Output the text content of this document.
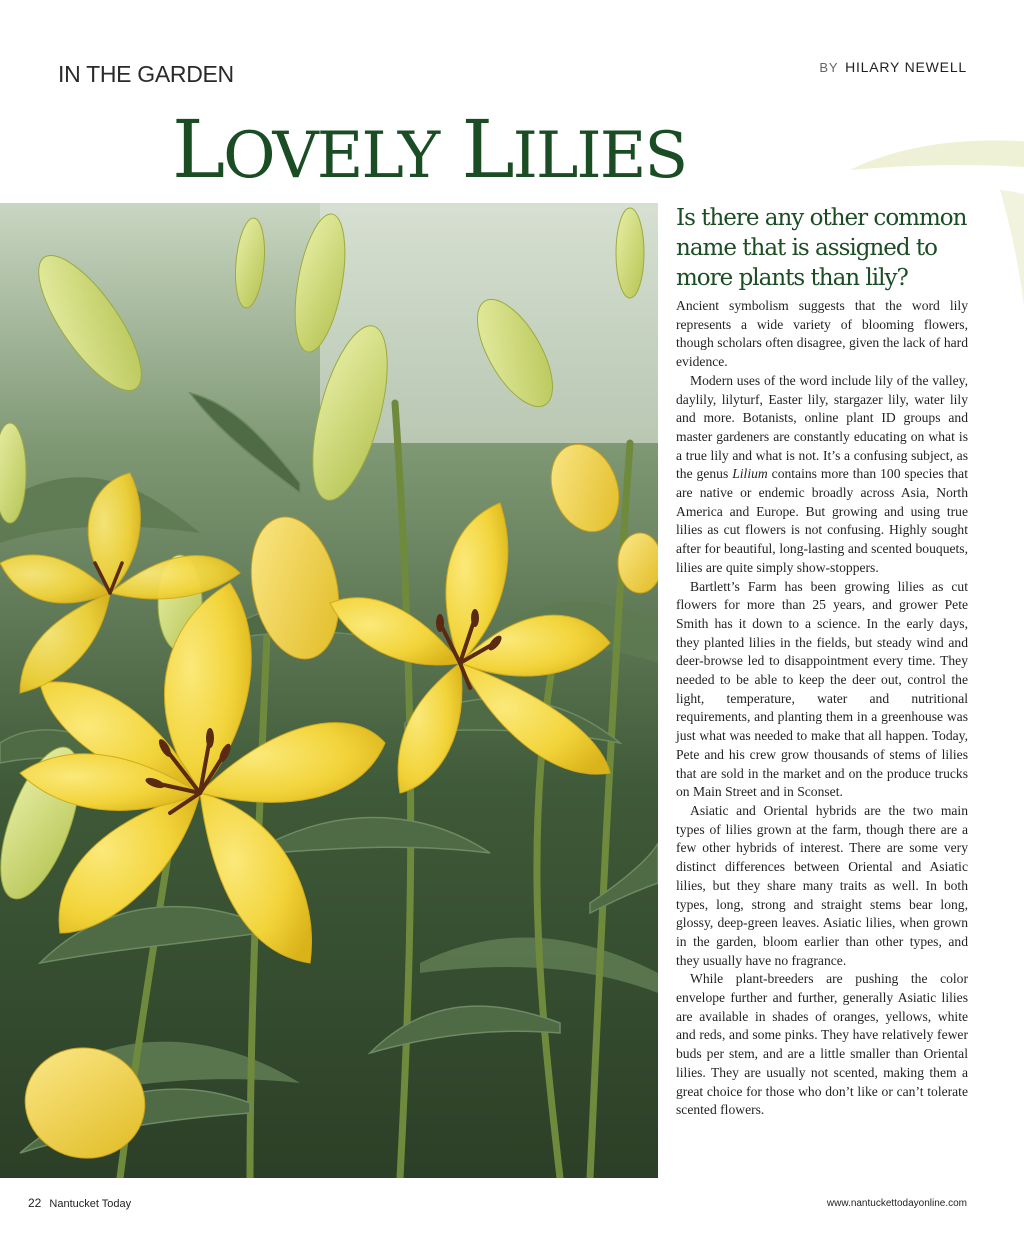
IN THE GARDEN	BY HILARY NEWELL
LOVELY LILIES
Is there any other common name that is assigned to more plants than lily?

Ancient symbolism suggests that the word lily represents a wide variety of blooming flowers, though scholars often disagree, given the lack of hard evidence.

Modern uses of the word include lily of the valley, daylily, lilyturf, Easter lily, stargazer lily, water lily and more. Botanists, online plant ID groups and master gardeners are constantly educating on what is a true lily and what is not. It’s a confusing subject, as the genus Lilium contains more than 100 species that are native or endemic broadly across Asia, North America and Europe. But growing and using true lilies as cut flowers is not confusing. Highly sought after for beautiful, long-lasting and scented bouquets, lilies are quite simply show-stoppers.

Bartlett’s Farm has been growing lilies as cut flowers for more than 25 years, and grower Pete Smith has it down to a science. In the early days, they planted lilies in the fields, but steady wind and deer-browse led to disappointment every time. They needed to be able to keep the deer out, control the light, temperature, water and nutritional requirements, and planting them in a greenhouse was just what was needed to make that all happen. Today, Pete and his crew grow thousands of stems of lilies that are sold in the market and on the produce trucks on Main Street and in Sconset.

Asiatic and Oriental hybrids are the two main types of lilies grown at the farm, though there are a few other hybrids of interest. There are some very distinct differences between Oriental and Asiatic lilies, but they share many traits as well. In both types, long, strong and straight stems bear long, glossy, deep-green leaves. Asiatic lilies, when grown in the garden, bloom earlier than other types, and they usually have no fragrance.

While plant-breeders are pushing the color envelope further and further, generally Asiatic lilies are available in shades of oranges, yellows, white and reds, and some pinks. They have relatively fewer buds per stem, and are a little smaller than Oriental lilies. They are usually not scented, making them a great choice for those who don’t like or can’t tolerate scented flowers.

22 Nantucket Today	www.nantuckettodayonline.com
